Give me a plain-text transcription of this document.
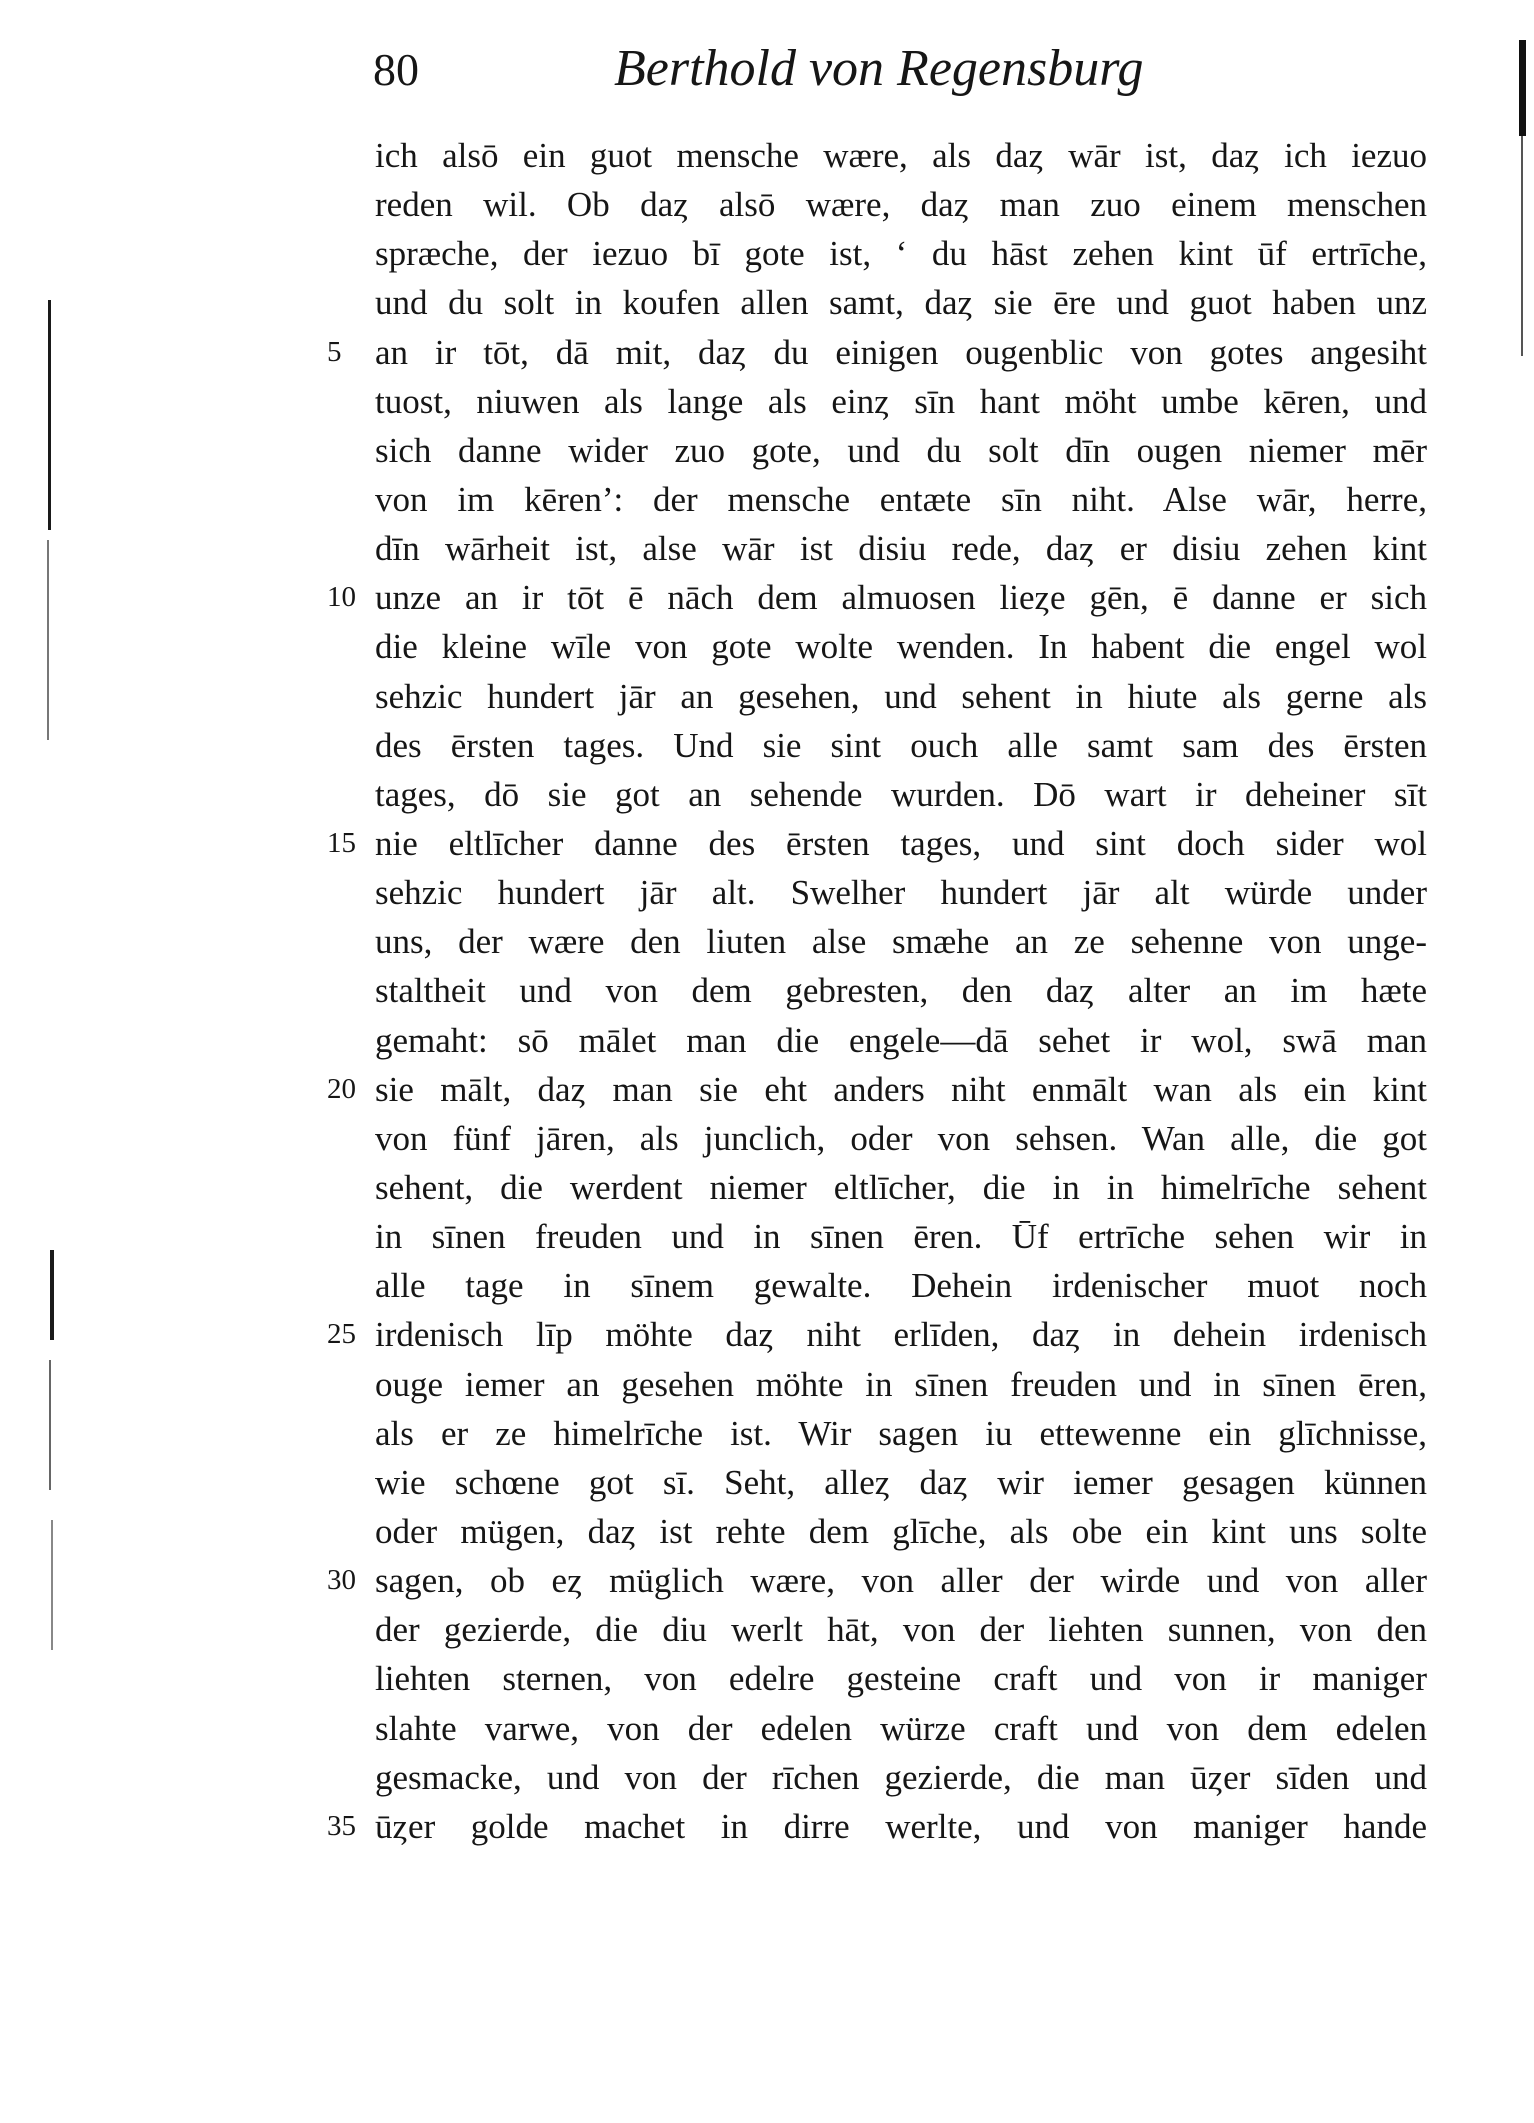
80	Berthold von Regensburg
ich alsō ein guot mensche wære, als daȥ wār ist, daȥ ich iezuo
reden wil. Ob daȥ alsō wære, daȥ man zuo einem menschen
spræche, der iezuo bī gote ist, ‘ du hāst zehen kint ūf ertrīche,
und du solt in koufen allen samt, daȥ sie ēre und guot haben unz
an ir tōt, dā mit, daȥ du einigen ougenblic von gotes angesiht
5
tuost, niuwen als lange als einȥ sīn hant möht umbe kēren, und
sich danne wider zuo gote, und du solt dīn ougen niemer mēr
von im kēren’: der mensche entæte sīn niht. Alse wār, herre,
dīn wārheit ist, alse wār ist disiu rede, daȥ er disiu zehen kint
unze an ir tōt ē nāch dem almuosen lieȥe gēn, ē danne er sich
10
die kleine wīle von gote wolte wenden. In habent die engel wol
sehzic hundert jār an gesehen, und sehent in hiute als gerne als
des ērsten tages. Und sie sint ouch alle samt sam des ērsten
tages, dō sie got an sehende wurden. Dō wart ir deheiner sīt
nie eltlīcher danne des ērsten tages, und sint doch sider wol
15
sehzic hundert jār alt. Swelher hundert jār alt würde under
uns, der wære den liuten alse smæhe an ze sehenne von unge-
staltheit und von dem gebresten, den daȥ alter an im hæte
gemaht: sō mālet man die engele—dā sehet ir wol, swā man
sie mālt, daȥ man sie eht anders niht enmālt wan als ein kint
20
von fünf jāren, als junclich, oder von sehsen. Wan alle, die got
sehent, die werdent niemer eltlīcher, die in in himelrīche sehent
in sīnen freuden und in sīnen ēren. Ūf ertrīche sehen wir in
alle tage in sīnem gewalte. Dehein irdenischer muot noch
irdenisch līp möhte daȥ niht erlīden, daȥ in dehein irdenisch
25
ouge iemer an gesehen möhte in sīnen freuden und in sīnen ēren,
als er ze himelrīche ist. Wir sagen iu ettewenne ein glīchnisse,
wie schœne got sī. Seht, alleȥ daȥ wir iemer gesagen künnen
oder mügen, daȥ ist rehte dem glīche, als obe ein kint uns solte
sagen, ob eȥ müglich wære, von aller der wirde und von aller
30
der gezierde, die diu werlt hāt, von der liehten sunnen, von den
liehten sternen, von edelre gesteine craft und von ir maniger
slahte varwe, von der edelen würze craft und von dem edelen
gesmacke, und von der rīchen gezierde, die man ūȥer sīden und
ūȥer golde machet in dirre werlte, und von maniger hande
35
